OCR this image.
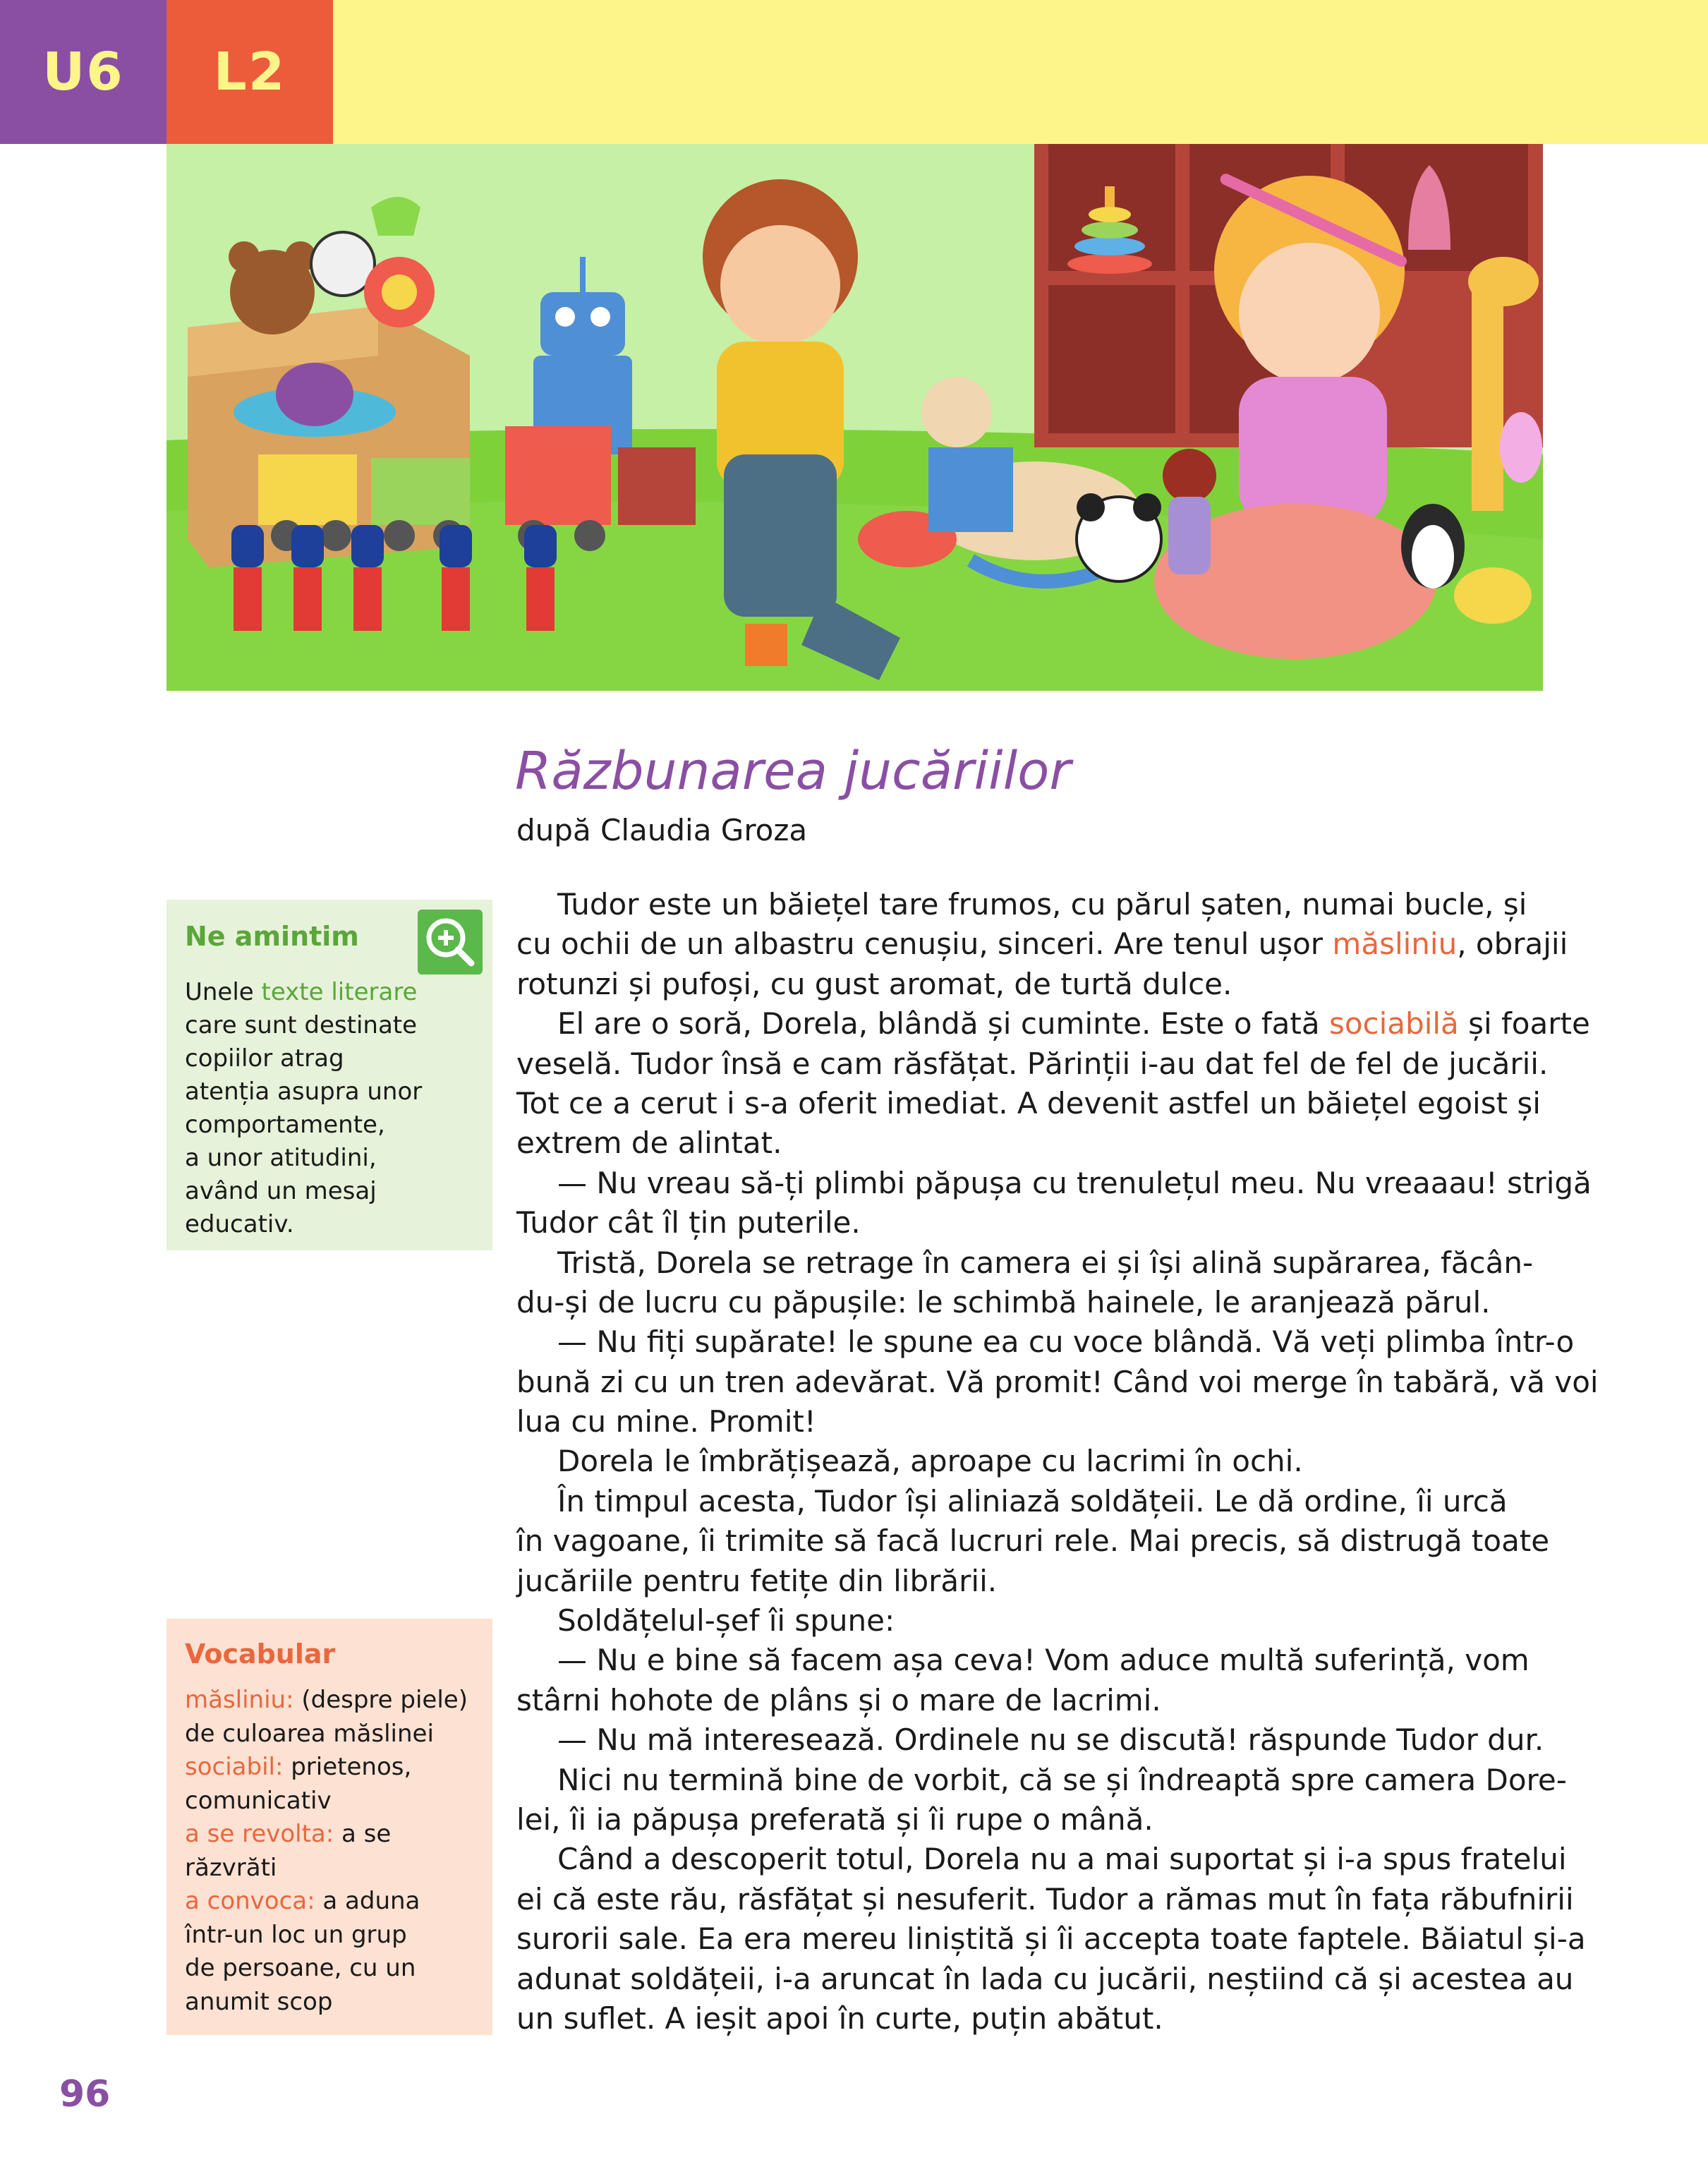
U6 L2
Răzbunarea jucăriilor
după Claudia Groza
Tudor este un băiețel tare frumos, cu părul șaten, numai bucle, și
cu ochii de un albastru cenușiu, sinceri. Are tenul ușor măsliniu, obrajii
rotunzi și pufoși, cu gust aromat, de turtă dulce.
El are o soră, Dorela, blândă și cuminte. Este o fată sociabilă și foarte
veselă. Tudor însă e cam răsfățat. Părinții i-au dat fel de fel de jucării.
Tot ce a cerut i s-a oferit imediat. A devenit astfel un băiețel egoist și
extrem de alintat.
— Nu vreau să-ți plimbi păpușa cu trenulețul meu. Nu vreaaau! strigă
Tudor cât îl țin puterile.
Tristă, Dorela se retrage în camera ei și își alină supărarea, făcân-
du-și de lucru cu păpușile: le schimbă hainele, le aranjează părul.
— Nu fiți supărate! le spune ea cu voce blândă. Vă veți plimba într-o
bună zi cu un tren adevărat. Vă promit! Când voi merge în tabără, vă voi
lua cu mine. Promit!
Dorela le îmbrățișează, aproape cu lacrimi în ochi.
În timpul acesta, Tudor își aliniază soldățeii. Le dă ordine, îi urcă
în vagoane, îi trimite să facă lucruri rele. Mai precis, să distrugă toate
jucăriile pentru fetițe din librării.
Soldățelul-șef îi spune:
— Nu e bine să facem așa ceva! Vom aduce multă suferință, vom
stârni hohote de plâns și o mare de lacrimi.
— Nu mă interesează. Ordinele nu se discută! răspunde Tudor dur.
Nici nu termină bine de vorbit, că se și îndreaptă spre camera Dore-
lei, îi ia păpușa preferată și îi rupe o mână.
Când a descoperit totul, Dorela nu a mai suportat și i-a spus fratelui
ei că este rău, răsfățat și nesuferit. Tudor a rămas mut în fața răbufnirii
surorii sale. Ea era mereu liniștită și îi accepta toate faptele. Băiatul și-a
adunat soldățeii, i-a aruncat în lada cu jucării, neștiind că și acestea au
un suflet. A ieșit apoi în curte, puțin abătut.
Ne amintim
Unele texte literare
care sunt destinate
copiilor atrag
atenția asupra unor
comportamente,
a unor atitudini,
având un mesaj
educativ.
Vocabular
măsliniu: (despre piele)
de culoarea măslinei
sociabil: prietenos,
comunicativ
a se revolta: a se
răzvrăti
a convoca: a aduna
într-un loc un grup
de persoane, cu un
anumit scop
96
